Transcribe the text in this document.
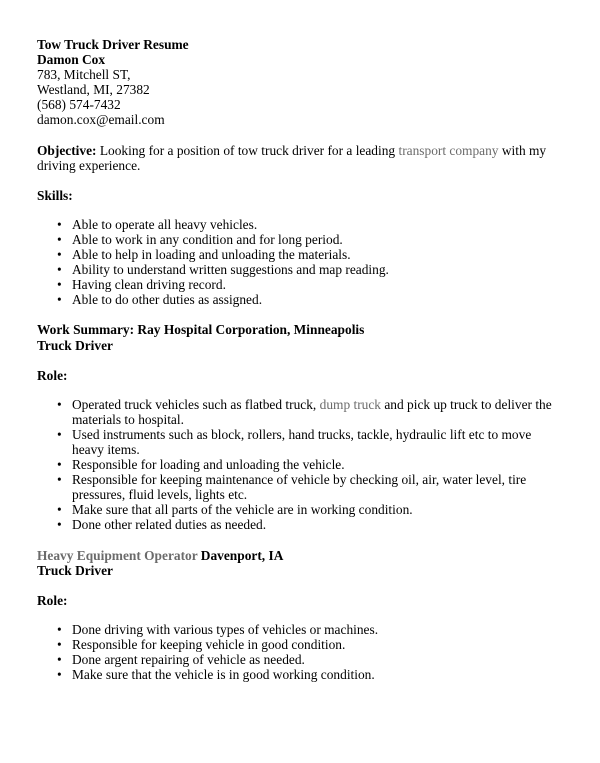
Tow Truck Driver Resume
Damon Cox
783, Mitchell ST,
Westland, MI, 27382
(568) 574-7432
damon.cox@email.com
Objective: Looking for a position of tow truck driver for a leading transport company with my driving experience.
Skills:
• Able to operate all heavy vehicles.
• Able to work in any condition and for long period.
• Able to help in loading and unloading the materials.
• Ability to understand written suggestions and map reading.
• Having clean driving record.
• Able to do other duties as assigned.
Work Summary: Ray Hospital Corporation, Minneapolis
Truck Driver
Role:
• Operated truck vehicles such as flatbed truck, dump truck and pick up truck to deliver the materials to hospital.
• Used instruments such as block, rollers, hand trucks, tackle, hydraulic lift etc to move heavy items.
• Responsible for loading and unloading the vehicle.
• Responsible for keeping maintenance of vehicle by checking oil, air, water level, tire pressures, fluid levels, lights etc.
• Make sure that all parts of the vehicle are in working condition.
• Done other related duties as needed.
Heavy Equipment Operator Davenport, IA
Truck Driver
Role:
• Done driving with various types of vehicles or machines.
• Responsible for keeping vehicle in good condition.
• Done argent repairing of vehicle as needed.
• Make sure that the vehicle is in good working condition.
